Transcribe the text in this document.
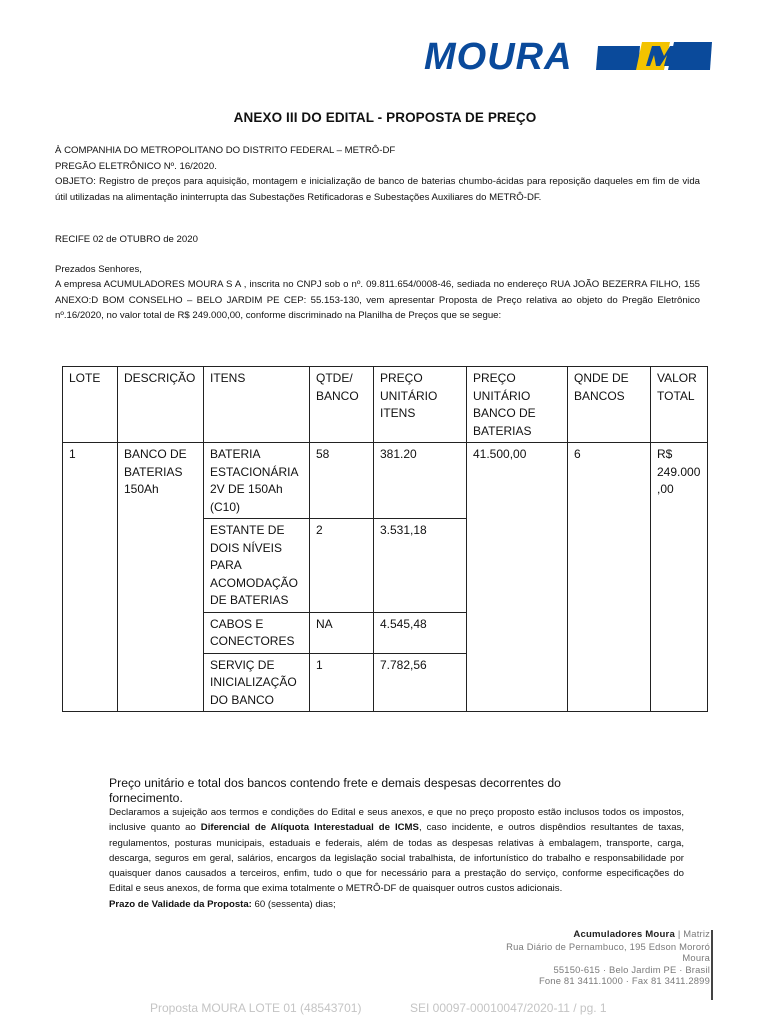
MOURA
ANEXO III DO EDITAL - PROPOSTA DE PREÇO

À COMPANHIA DO METROPOLITANO DO DISTRITO FEDERAL – METRÔ-DF

PREGÃO ELETRÔNICO Nº. 16/2020.

OBJETO: Registro de preços para aquisição, montagem e inicialização de banco de baterias chumbo-ácidas para reposição daqueles em fim de vida útil utilizadas na alimentação ininterrupta das Subestações Retificadoras e Subestações Auxiliares do METRÔ-DF.

RECIFE 02 de OTUBRO de 2020
Prezados Senhores,
A empresa ACUMULADORES MOURA S A , inscrita no CNPJ sob o nº. 09.811.654/0008-46, sediada no endereço RUA JOÃO BEZERRA FILHO, 155 ANEXO:D BOM CONSELHO – BELO JARDIM PE CEP: 55.153-130, vem apresentar Proposta de Preço relativa ao objeto do Pregão Eletrônico nº.16/2020, no valor total de R$ 249.000,00, conforme discriminado na Planilha de Preços que se segue:
LOTE	DESCRIÇÃO	ITENS	QTDE/ BANCO	PREÇO UNITÁRIO ITENS	PREÇO UNITÁRIO BANCO DE BATERIAS	QNDE DE BANCOS	VALOR TOTAL
1	BANCO DE BATERIAS 150Ah	BATERIA ESTACIONÁRIA 2V DE 150Ah (C10)	58	381.20	41.500,00	6	R$ 249.000,00
		ESTANTE DE DOIS NÍVEIS PARA ACOMODAÇÃO DE BATERIAS	2	3.531,18			
		CABOS E CONECTORES	NA	4.545,48			
		SERVIÇ DE INICIALIZAÇÃO DO BANCO	1	7.782,56			
Preço unitário e total dos bancos contendo frete e demais despesas decorrentes do fornecimento.

Declaramos a sujeição aos termos e condições do Edital e seus anexos, e que no preço proposto estão inclusos todos os impostos, inclusive quanto ao Diferencial de Alíquota Interestadual de ICMS, caso incidente, e outros dispêndios resultantes de taxas, regulamentos, posturas municipais, estaduais e federais, além de todas as despesas relativas à embalagem, transporte, carga, descarga, seguros em geral, salários, encargos da legislação social trabalhista, de infortunístico do trabalho e responsabilidade por quaisquer danos causados a terceiros, enfim, tudo o que for necessário para a prestação do serviço, conforme especificações do Edital e seus anexos, de forma que exima totalmente o METRÔ-DF de quaisquer outros custos adicionais.

Prazo de Validade da Proposta: 60 (sessenta) dias;

Acumuladores Moura | Matriz
Rua Diário de Pernambuco, 195 Edson Mororó Moura
55150-615 · Belo Jardim PE · Brasil
Fone 81 3411.1000 · Fax 81 3411.2899
Proposta MOURA LOTE 01 (48543701)	SEI 00097-00010047/2020-11 / pg. 1
